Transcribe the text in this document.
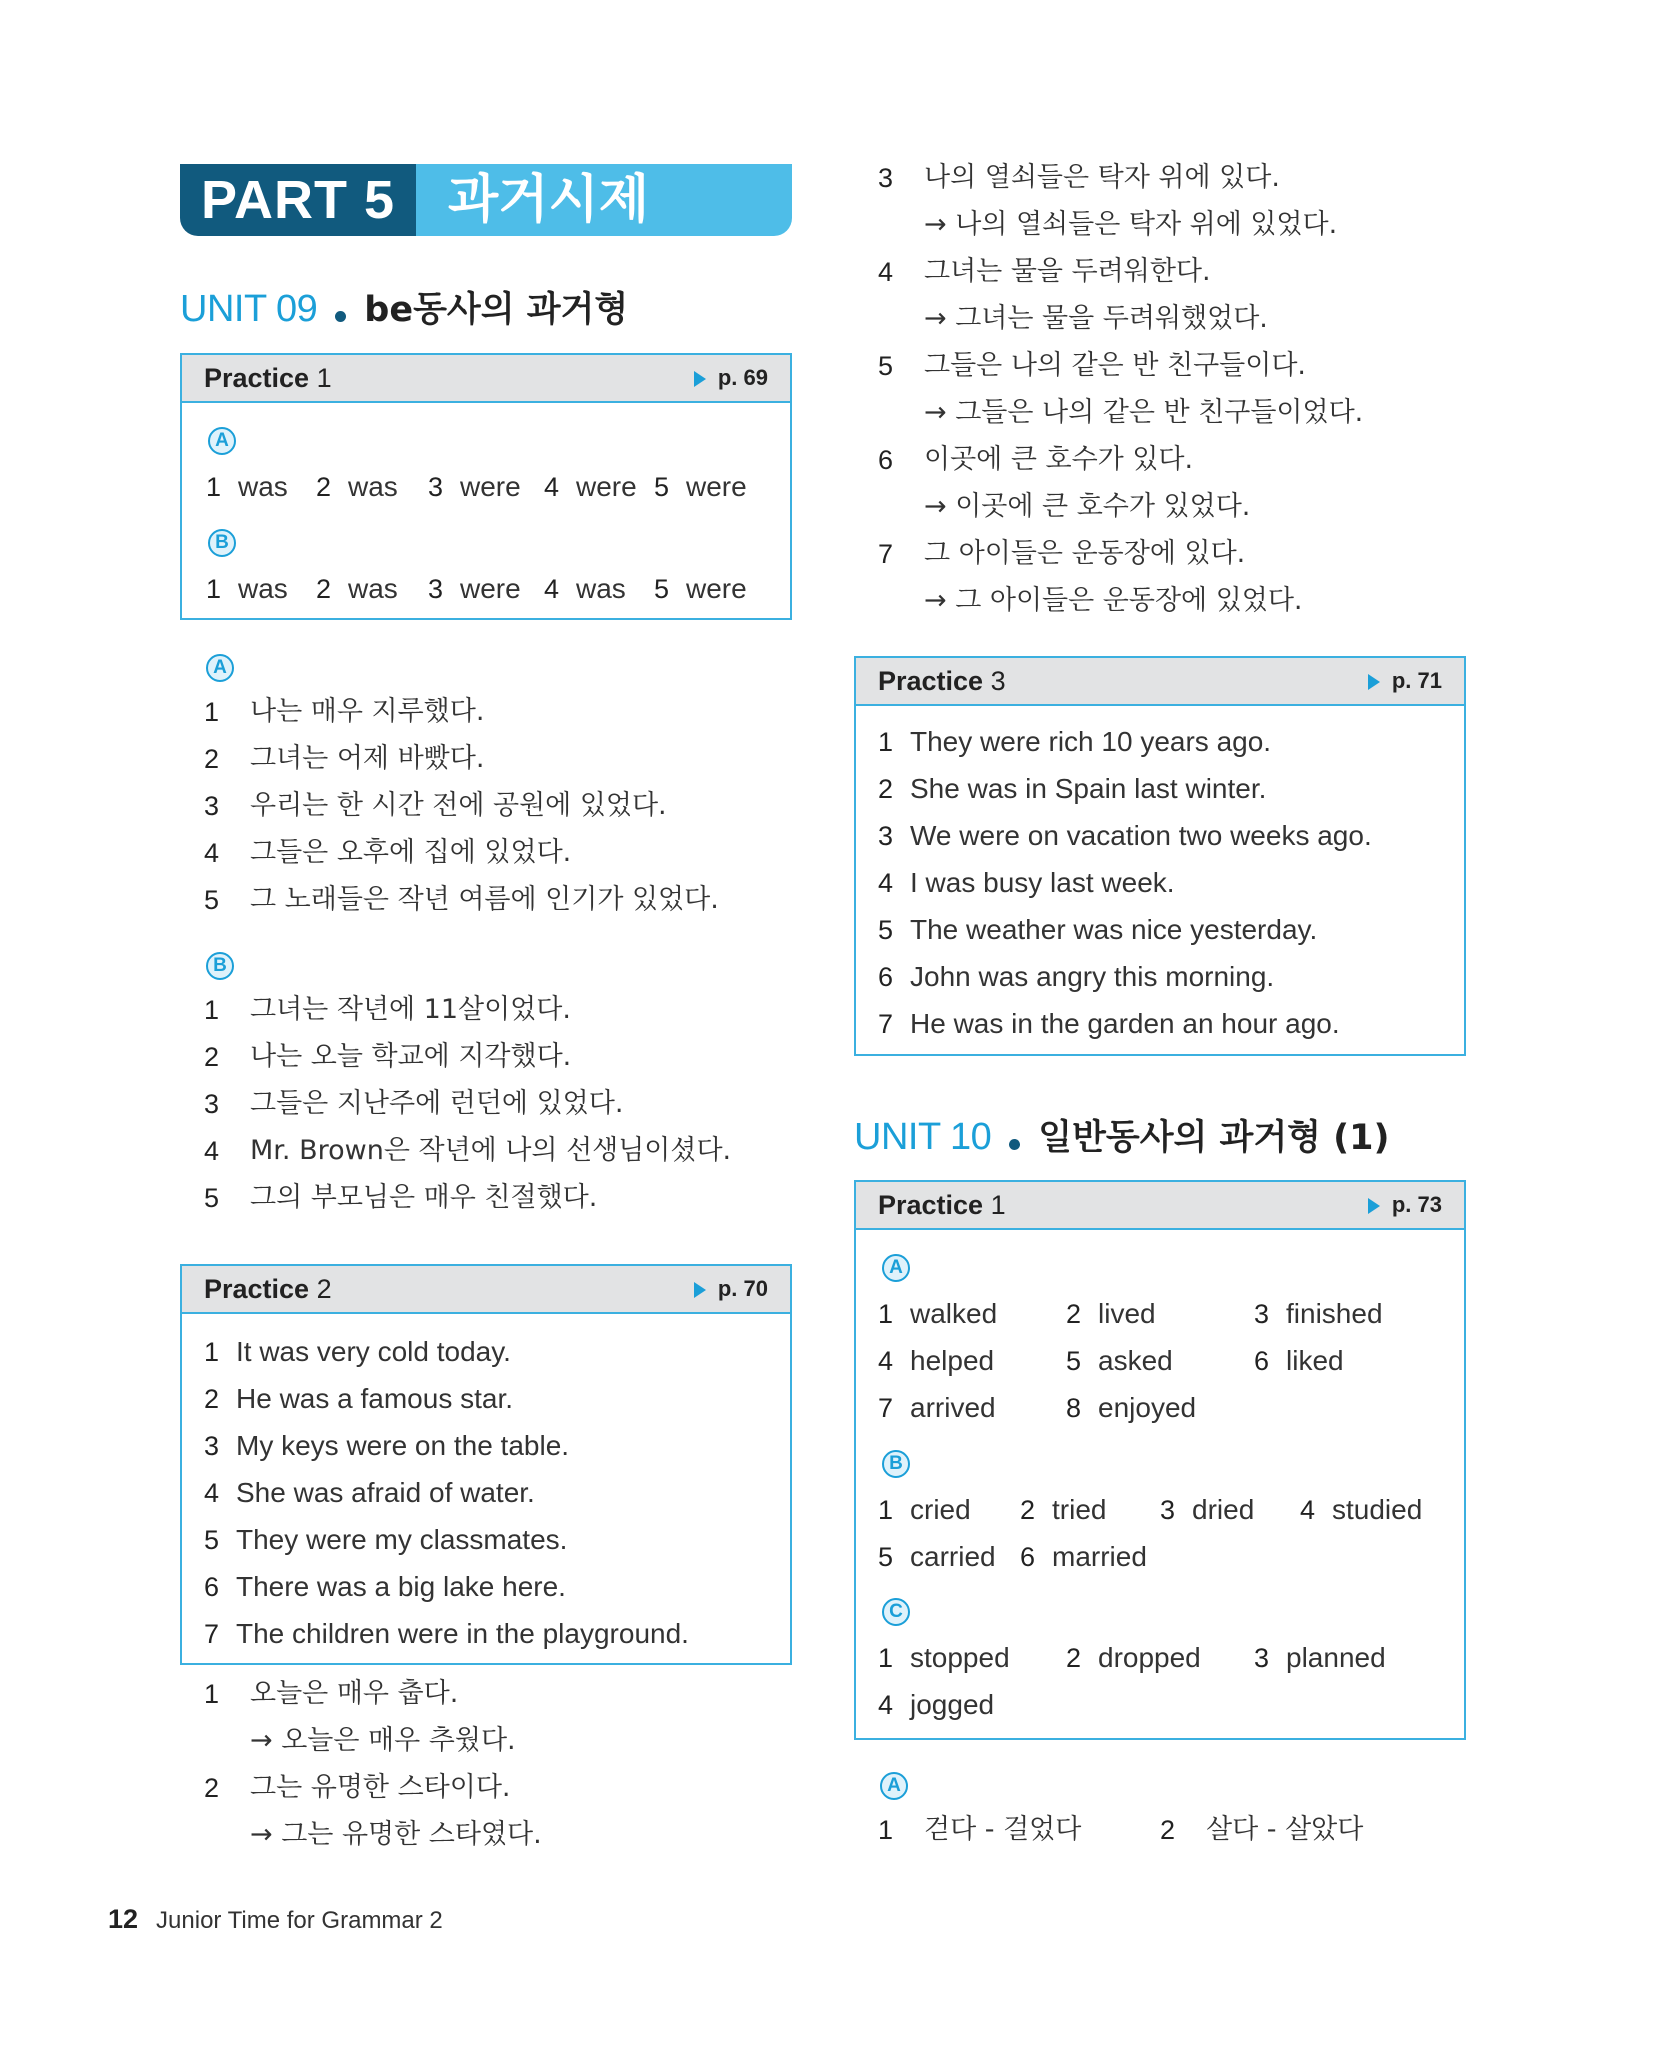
PART 5	과거시제
UNIT 09 be동사의 과거형
Practice 1	p. 69
A
1 was 2 was 3 were 4 were 5 were
B
1 was 2 was 3 were 4 was 5 were
A
1 나는 매우 지루했다.
2 그녀는 어제 바빴다.
3 우리는 한 시간 전에 공원에 있었다.
4 그들은 오후에 집에 있었다.
5 그 노래들은 작년 여름에 인기가 있었다.
B
1 그녀는 작년에 11살이었다.
2 나는 오늘 학교에 지각했다.
3 그들은 지난주에 런던에 있었다.
4 Mr. Brown은 작년에 나의 선생님이셨다.
5 그의 부모님은 매우 친절했다.
Practice 2	p. 70
1 It was very cold today.
2 He was a famous star.
3 My keys were on the table.
4 She was afraid of water.
5 They were my classmates.
6 There was a big lake here.
7 The children were in the playground.
1 오늘은 매우 춥다.
→ 오늘은 매우 추웠다.
2 그는 유명한 스타이다.
→ 그는 유명한 스타였다.
3 나의 열쇠들은 탁자 위에 있다.
→ 나의 열쇠들은 탁자 위에 있었다.
4 그녀는 물을 두려워한다.
→ 그녀는 물을 두려워했었다.
5 그들은 나의 같은 반 친구들이다.
→ 그들은 나의 같은 반 친구들이었다.
6 이곳에 큰 호수가 있다.
→ 이곳에 큰 호수가 있었다.
7 그 아이들은 운동장에 있다.
→ 그 아이들은 운동장에 있었다.
Practice 3	p. 71
1 They were rich 10 years ago.
2 She was in Spain last winter.
3 We were on vacation two weeks ago.
4 I was busy last week.
5 The weather was nice yesterday.
6 John was angry this morning.
7 He was in the garden an hour ago.
UNIT 10 일반동사의 과거형 (1)
Practice 1	p. 73
A
1 walked	2 lived	3 finished
4 helped	5 asked	6 liked
7 arrived	8 enjoyed
B
1 cried 2 tried 3 dried 4 studied
5 carried 6 married
C
1 stopped 2 dropped 3 planned
4 jogged
A
1 걷다 - 걸었다	2 살다 - 살았다
12 Junior Time for Grammar 2
